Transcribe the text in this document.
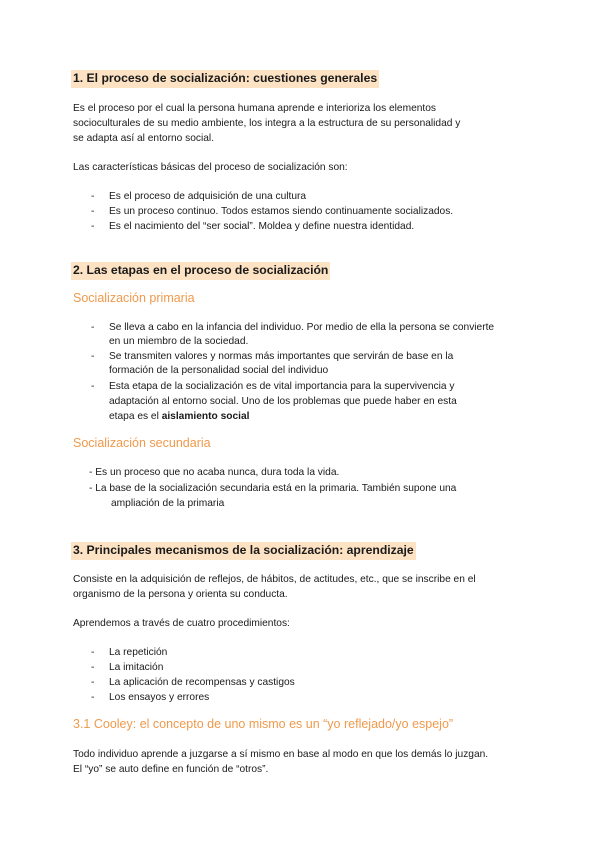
1. El proceso de socialización: cuestiones generales
Es el proceso por el cual la persona humana aprende e interioriza los elementos
socioculturales de su medio ambiente, los integra a la estructura de su personalidad y
se adapta así al entorno social.
Las características básicas del proceso de socialización son:
- Es el proceso de adquisición de una cultura
- Es un proceso continuo. Todos estamos siendo continuamente socializados.
- Es el nacimiento del “ser social”. Moldea y define nuestra identidad.
2. Las etapas en el proceso de socialización
Socialización primaria
- Se lleva a cabo en la infancia del individuo. Por medio de ella la persona se convierte
en un miembro de la sociedad.
- Se transmiten valores y normas más importantes que servirán de base en la
formación de la personalidad social del individuo
- Esta etapa de la socialización es de vital importancia para la supervivencia y
adaptación al entorno social. Uno de los problemas que puede haber en esta
etapa es el aislamiento social
Socialización secundaria
- Es un proceso que no acaba nunca, dura toda la vida.
- La base de la socialización secundaria está en la primaria. También supone una
ampliación de la primaria
3. Principales mecanismos de la socialización: aprendizaje
Consiste en la adquisición de reflejos, de hábitos, de actitudes, etc., que se inscribe en el
organismo de la persona y orienta su conducta.
Aprendemos a través de cuatro procedimientos:
- La repetición
- La imitación
- La aplicación de recompensas y castigos
- Los ensayos y errores
3.1 Cooley: el concepto de uno mismo es un “yo reflejado/yo espejo”
Todo individuo aprende a juzgarse a sí mismo en base al modo en que los demás lo juzgan.
El “yo” se auto define en función de “otros”.
